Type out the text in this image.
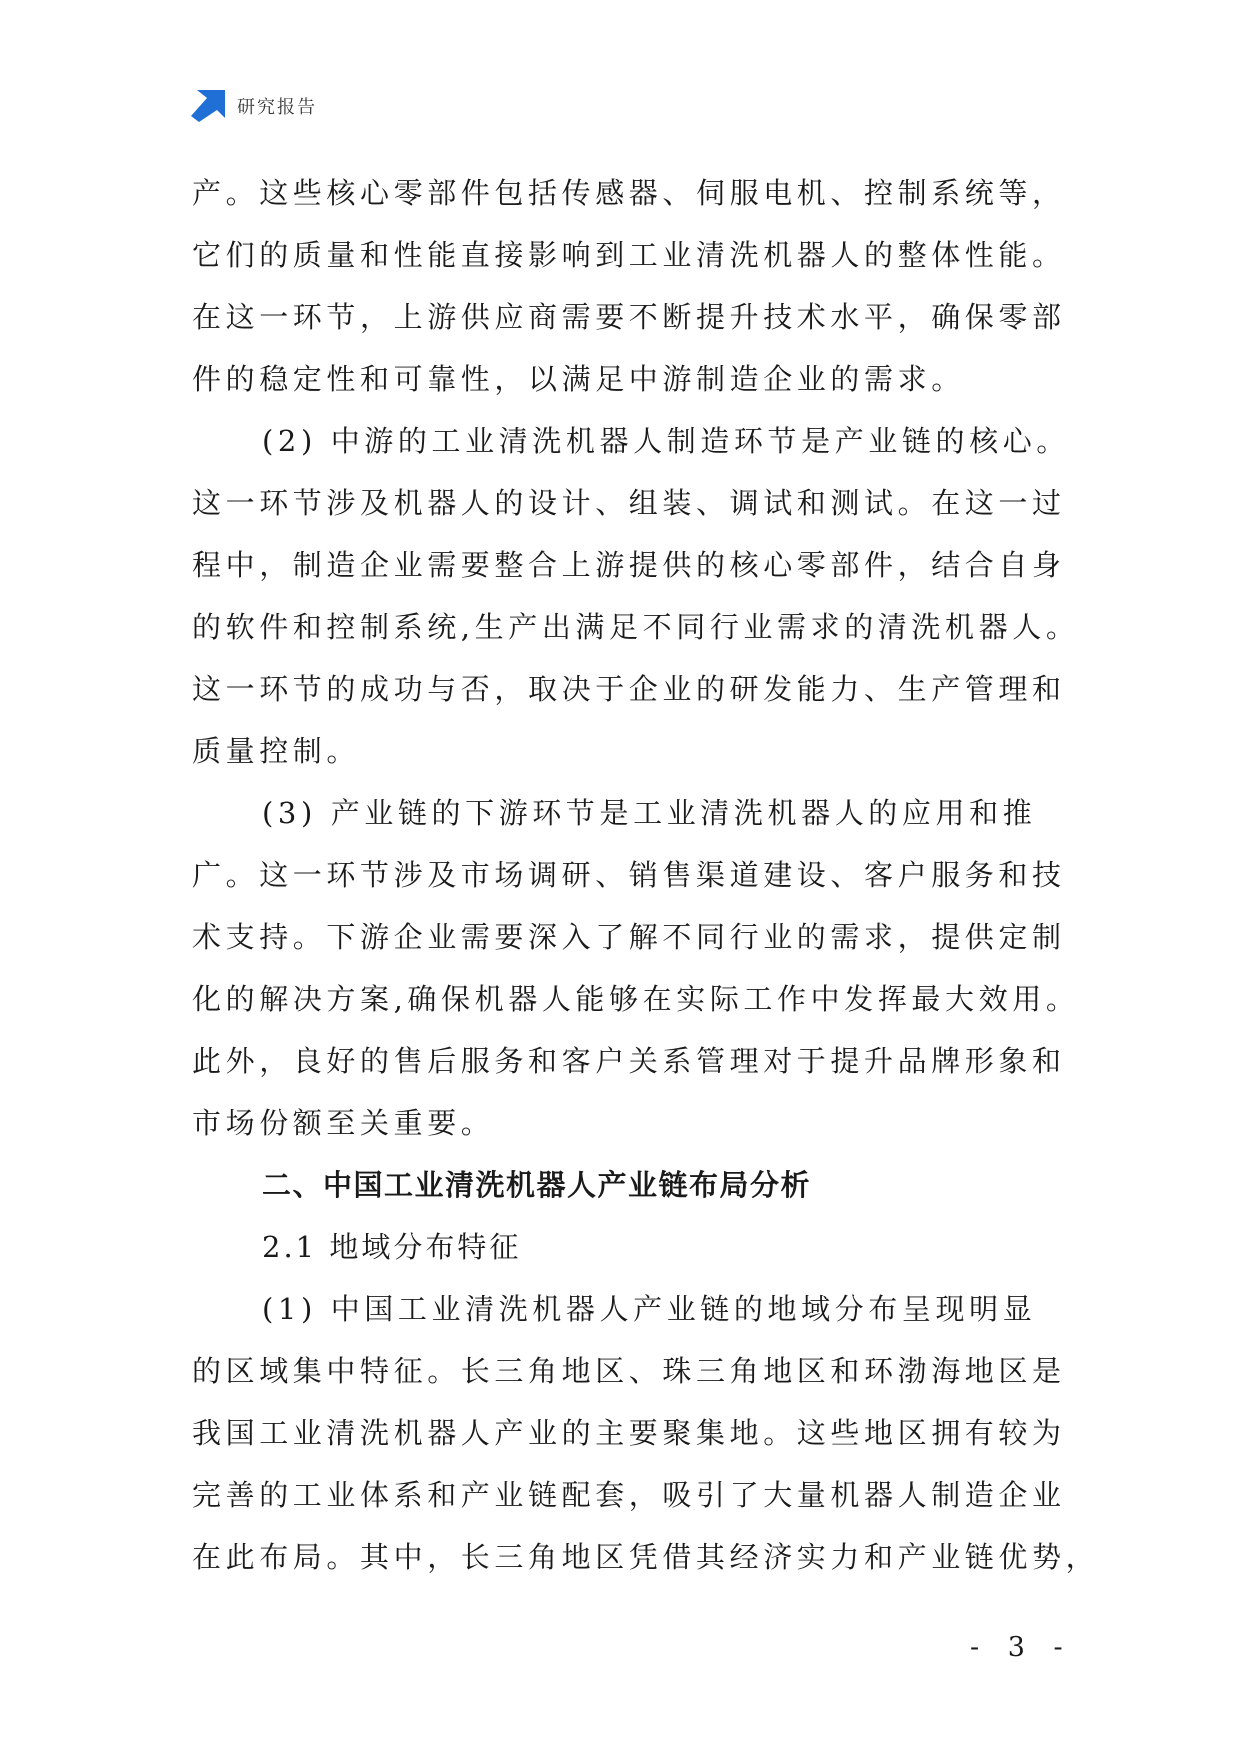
研究报告
产。这些核心零部件包括传感器、伺服电机、控制系统等，
它们的质量和性能直接影响到工业清洗机器人的整体性能。
在这一环节，上游供应商需要不断提升技术水平，确保零部
件的稳定性和可靠性，以满足中游制造企业的需求。
(2) 中游的工业清洗机器人制造环节是产业链的核心。
这一环节涉及机器人的设计、组装、调试和测试。在这一过
程中，制造企业需要整合上游提供的核心零部件，结合自身
的软件和控制系统,生产出满足不同行业需求的清洗机器人。
这一环节的成功与否，取决于企业的研发能力、生产管理和
质量控制。
(3) 产业链的下游环节是工业清洗机器人的应用和推
广。这一环节涉及市场调研、销售渠道建设、客户服务和技
术支持。下游企业需要深入了解不同行业的需求，提供定制
化的解决方案,确保机器人能够在实际工作中发挥最大效用。
此外，良好的售后服务和客户关系管理对于提升品牌形象和
市场份额至关重要。
二、中国工业清洗机器人产业链布局分析
2.1 地域分布特征
(1) 中国工业清洗机器人产业链的地域分布呈现明显
的区域集中特征。长三角地区、珠三角地区和环渤海地区是
我国工业清洗机器人产业的主要聚集地。这些地区拥有较为
完善的工业体系和产业链配套，吸引了大量机器人制造企业
在此布局。其中，长三角地区凭借其经济实力和产业链优势，
- 3 -
